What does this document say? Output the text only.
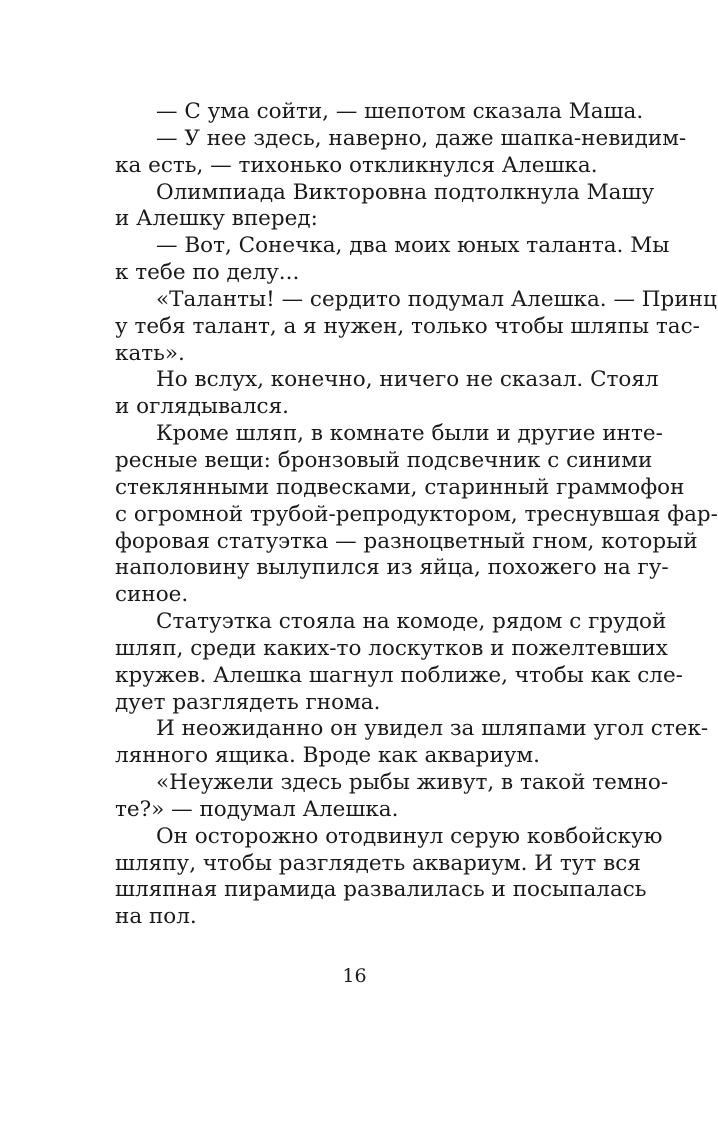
— С ума сойти, — шепотом сказала Маша.
— У нее здесь, наверно, даже шапка-невидим-
ка есть, — тихонько откликнулся Алешка.
Олимпиада Викторовна подтолкнула Машу
и Алешку вперед:
— Вот, Сонечка, два моих юных таланта. Мы
к тебе по делу...
«Таланты! — сердито подумал Алешка. — Принц
у тебя талант, а я нужен, только чтобы шляпы тас-
кать».
Но вслух, конечно, ничего не сказал. Стоял
и оглядывался.
Кроме шляп, в комнате были и другие инте-
ресные вещи: бронзовый подсвечник с синими
стеклянными подвесками, старинный граммофон
с огромной трубой-репродуктором, треснувшая фар-
форовая статуэтка — разноцветный гном, который
наполовину вылупился из яйца, похожего на гу-
синое.
Статуэтка стояла на комоде, рядом с грудой
шляп, среди каких-то лоскутков и пожелтевших
кружев. Алешка шагнул поближе, чтобы как сле-
дует разглядеть гнома.
И неожиданно он увидел за шляпами угол стек-
лянного ящика. Вроде как аквариум.
«Неужели здесь рыбы живут, в такой темно-
те?» — подумал Алешка.
Он осторожно отодвинул серую ковбойскую
шляпу, чтобы разглядеть аквариум. И тут вся
шляпная пирамида развалилась и посыпалась
на пол.
16
